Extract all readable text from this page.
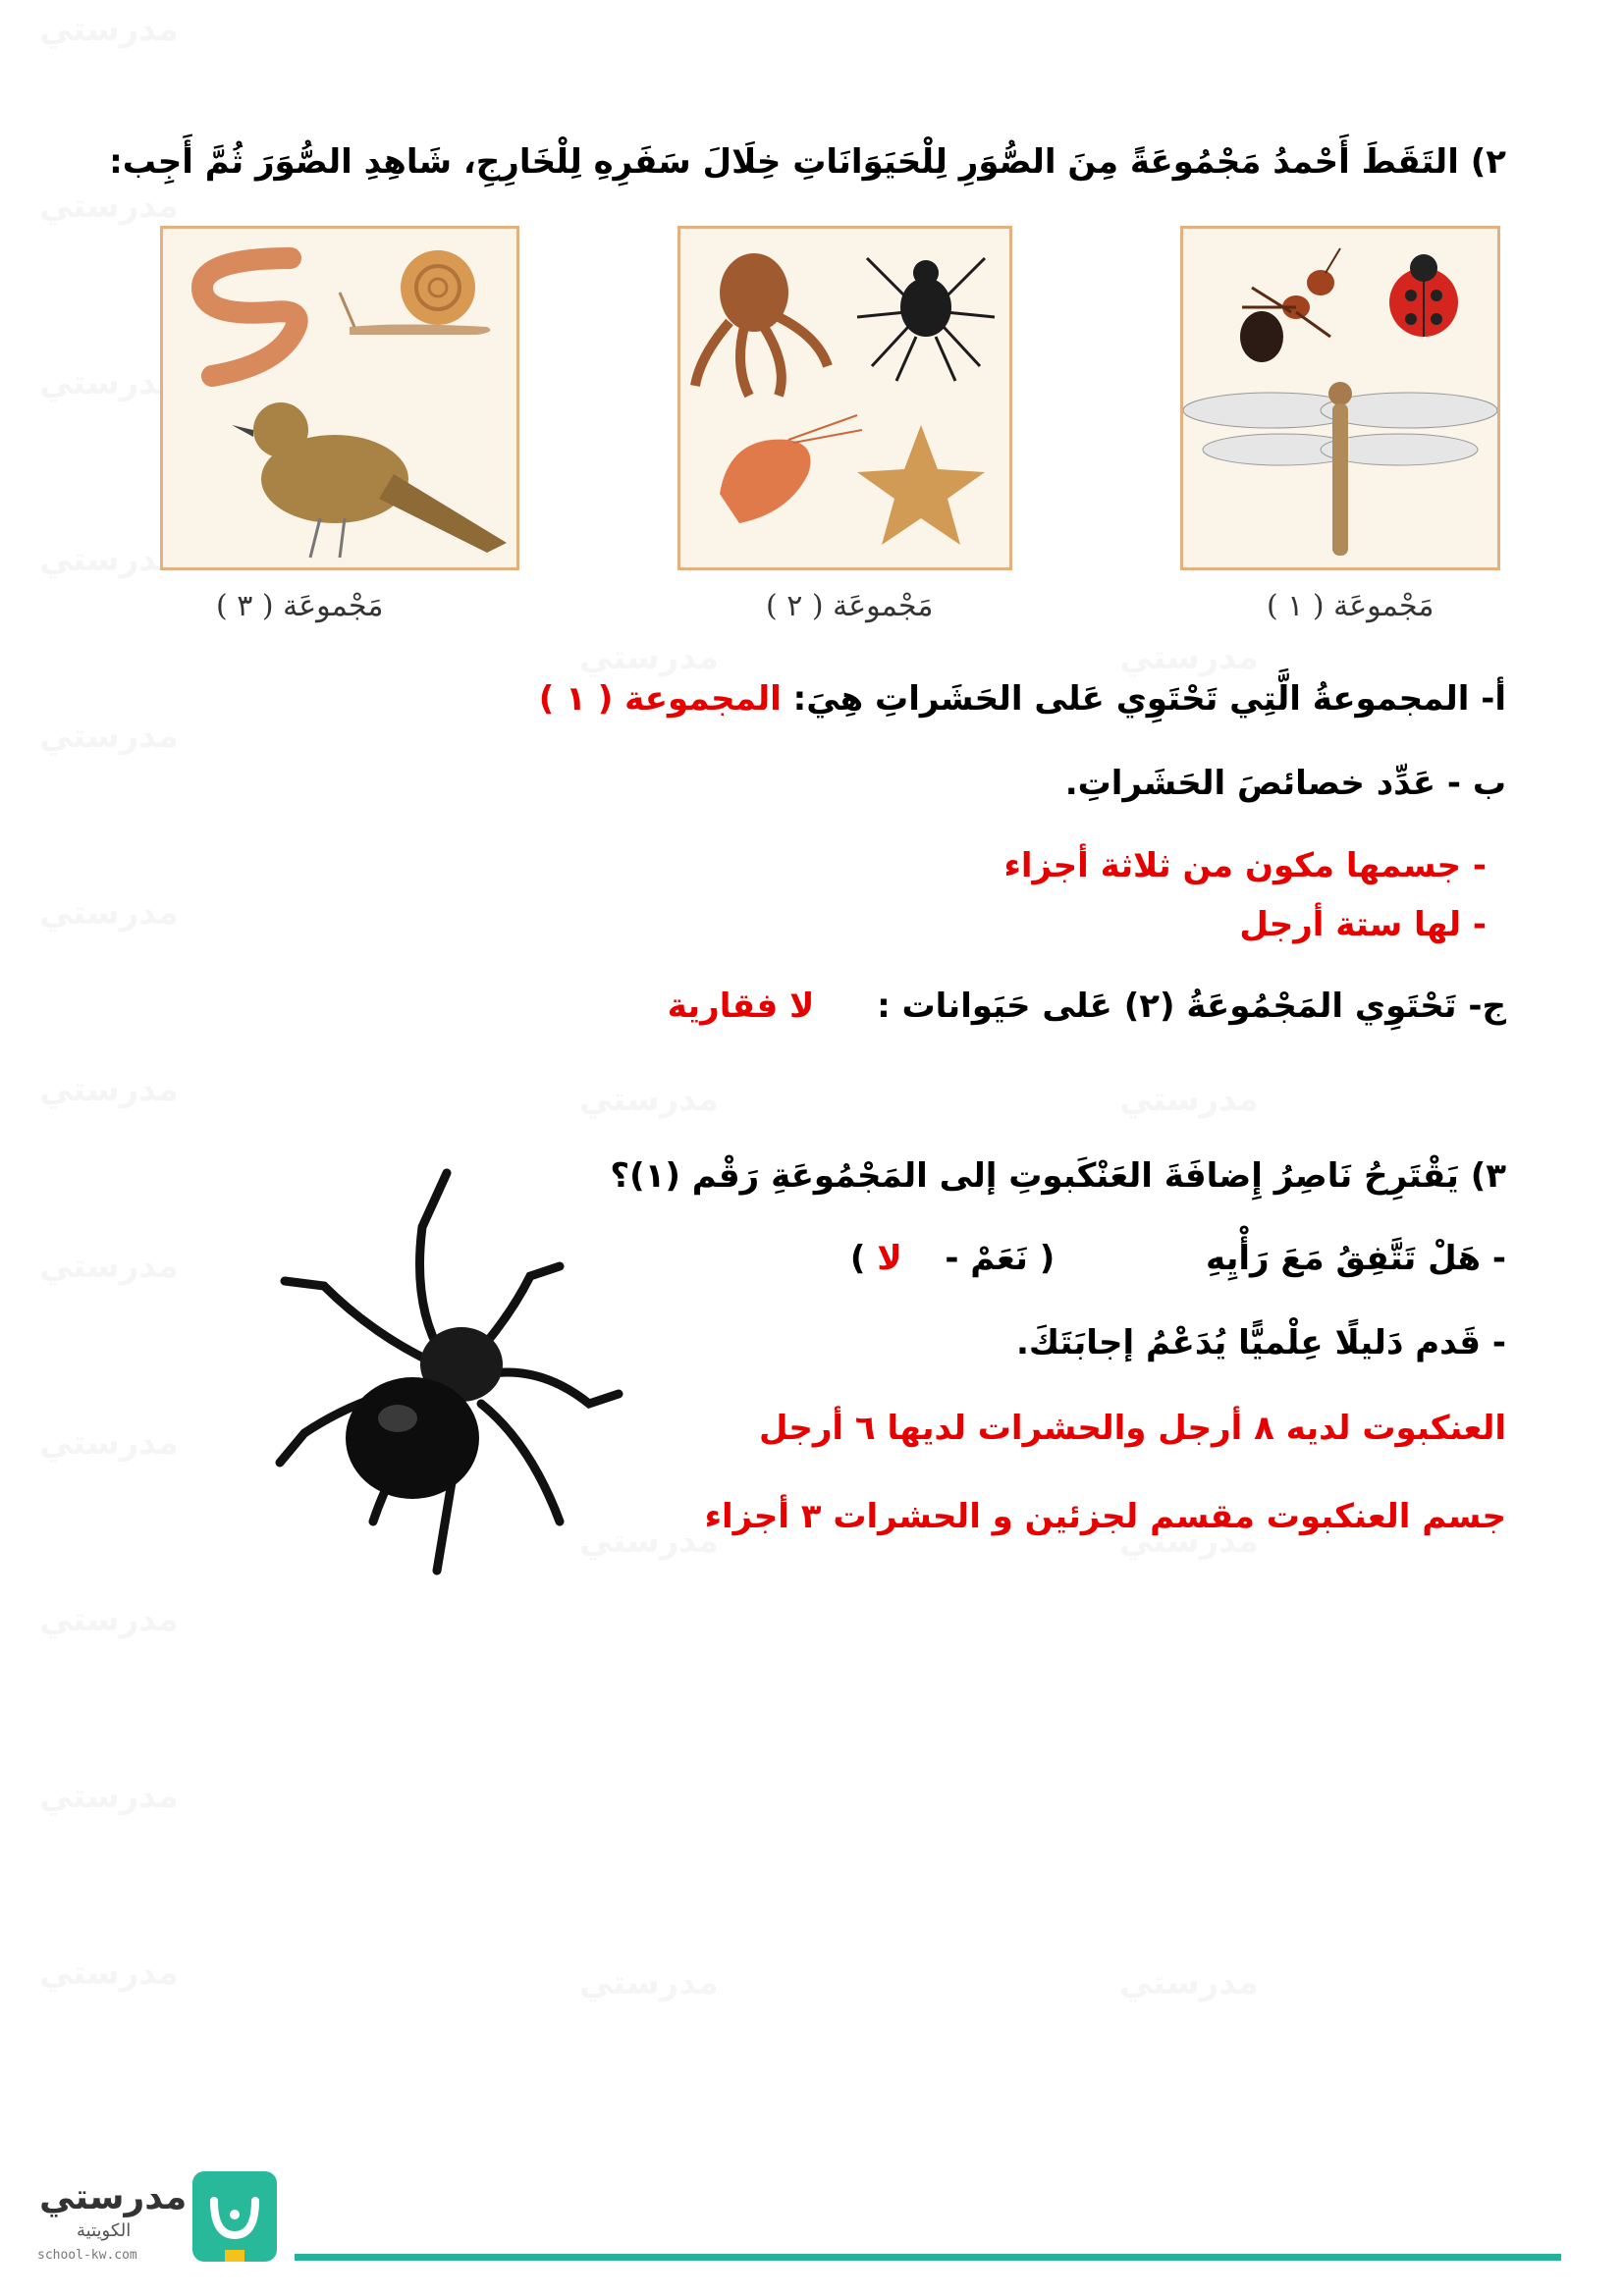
٢) التَقَطَ أَحْمدُ مَجْمُوعَةً مِنَ الصُّوَرِ لِلْحَيَوَانَاتِ خِلَالَ سَفَرِهِ لِلْخَارِجِ، شَاهِدِ الصُّوَرَ ثُمَّ أَجِب:
مَجْموعَة ( ١ )
مَجْموعَة ( ٢ )
مَجْموعَة ( ٣ )
أ- المجموعةُ الَّتِي تَحْتَوِي عَلى الحَشَراتِ هِيَ: المجموعة ( ١ )
ب - عَدِّد خصائصَ الحَشَراتِ.
- جسمها مكون من ثلاثة أجزاء
- لها ستة أرجل
ج- تَحْتَوِي المَجْمُوعَةُ (٢) عَلى حَيَوانات :  لا فقارية
٣) يَقْتَرِحُ نَاصِرُ إِضافَةَ العَنْكَبوتِ إلى المَجْمُوعَةِ رَقْم (١)؟
- هَلْ تَتَّفِقُ مَعَ رَأْيِهِ  ( نَعَمْ -  لا )
- قَدم دَليلًا عِلْميًّا يُدَعْمُ إجابَتَكَ.
العنكبوت لديه ٨ أرجل والحشرات لديها ٦ أرجل
جسم العنكبوت مقسم لجزئين و الحشرات ٣ أجزاء
مدرستي
الكويتية
school-kw.com
